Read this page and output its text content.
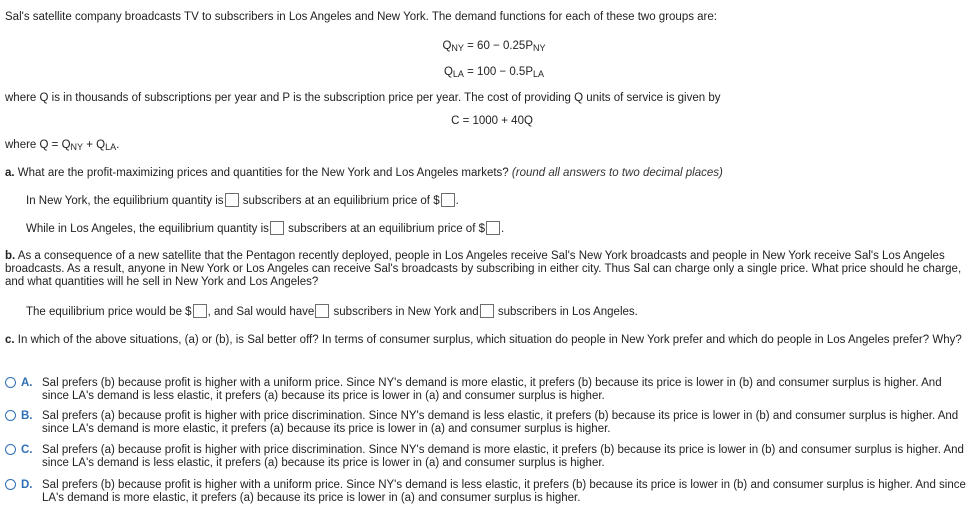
Sal's satellite company broadcasts TV to subscribers in Los Angeles and New York. The demand functions for each of these two groups are:
$Q_{NY} = 60 - 0.25P_{NY}$
$Q_{LA} = 100 - 0.5P_{LA}$
where Q is in thousands of subscriptions per year and P is the subscription price per year. The cost of providing Q units of service is given by
C = 1000 + 40Q
where $Q = Q_{NY} + Q_{LA}$.
a. What are the profit-maximizing prices and quantities for the New York and Los Angeles markets? (round all answers to two decimal places)
In New York, the equilibrium quantity is subscribers at an equilibrium price of $ .
While in Los Angeles, the equilibrium quantity is subscribers at an equilibrium price of $ .
b. As a consequence of a new satellite that the Pentagon recently deployed, people in Los Angeles receive Sal's New York broadcasts and people in New York receive Sal's Los Angeles broadcasts. As a result, anyone in New York or Los Angeles can receive Sal's broadcasts by subscribing in either city. Thus Sal can charge only a single price. What price should he charge, and what quantities will he sell in New York and Los Angeles?
The equilibrium price would be $ , and Sal would have subscribers in New York and subscribers in Los Angeles.
c. In which of the above situations, (a) or (b), is Sal better off? In terms of consumer surplus, which situation do people in New York prefer and which do people in Los Angeles prefer? Why?
A. Sal prefers (b) because profit is higher with a uniform price. Since NY's demand is more elastic, it prefers (b) because its price is lower in (b) and consumer surplus is higher. And since LA's demand is less elastic, it prefers (a) because its price is lower in (a) and consumer surplus is higher.
B. Sal prefers (a) because profit is higher with price discrimination. Since NY's demand is less elastic, it prefers (b) because its price is lower in (b) and consumer surplus is higher. And since LA's demand is more elastic, it prefers (a) because its price is lower in (a) and consumer surplus is higher.
C. Sal prefers (a) because profit is higher with price discrimination. Since NY's demand is more elastic, it prefers (b) because its price is lower in (b) and consumer surplus is higher. And since LA's demand is less elastic, it prefers (a) because its price is lower in (a) and consumer surplus is higher.
D. Sal prefers (b) because profit is higher with a uniform price. Since NY's demand is less elastic, it prefers (b) because its price is lower in (b) and consumer surplus is higher. And since LA's demand is more elastic, it prefers (a) because its price is lower in (a) and consumer surplus is higher.
